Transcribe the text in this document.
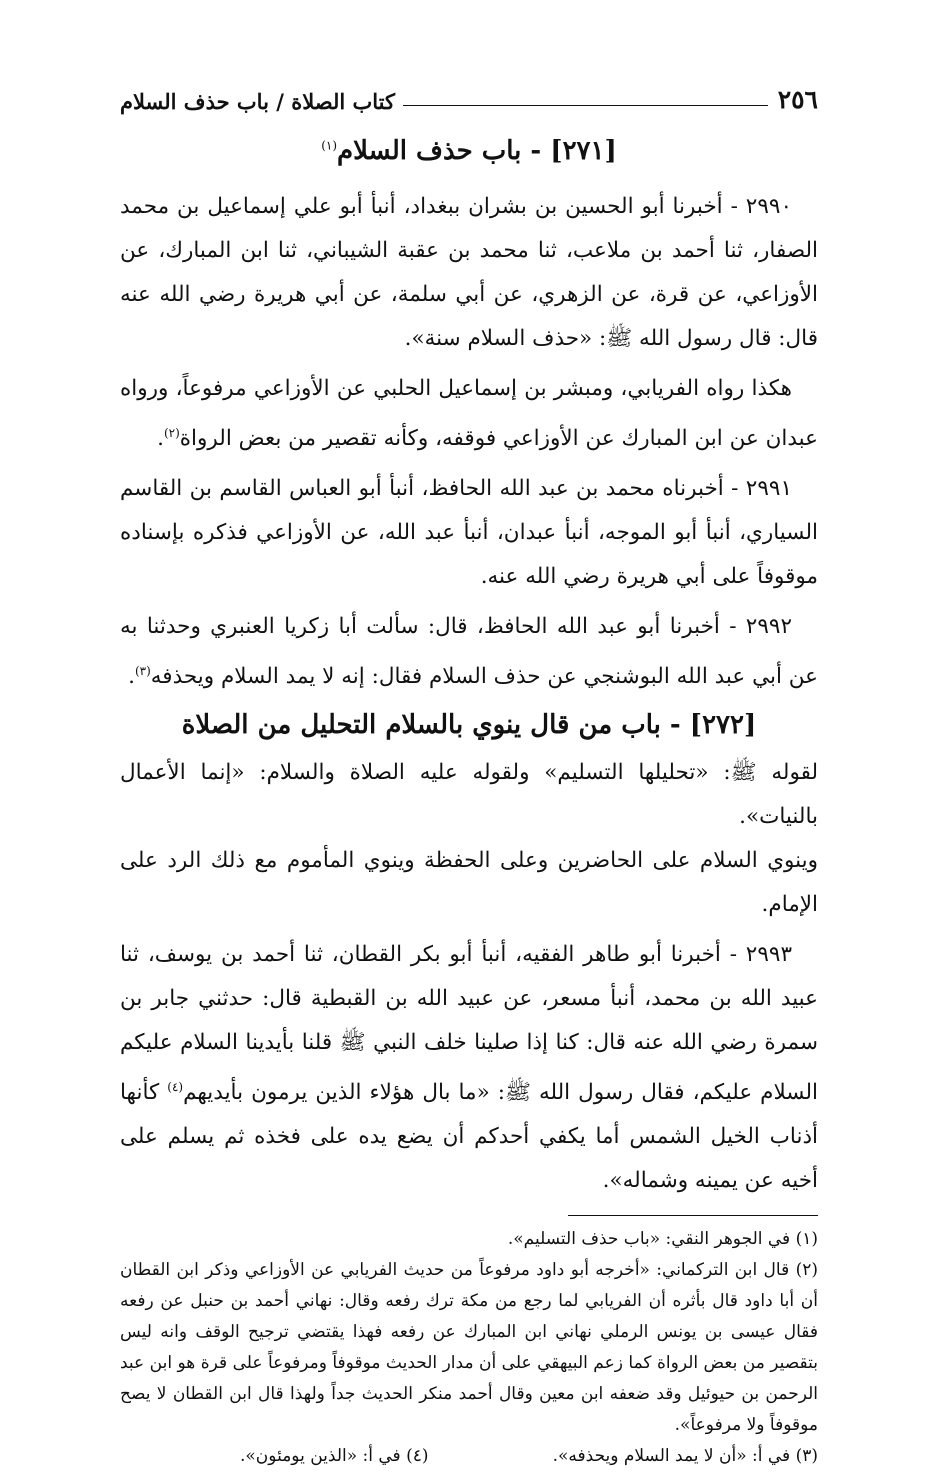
٢٥٦
كتاب الصلاة / باب حذف السلام
[٢٧١] - باب حذف السلام$^{(١)}$

٢٩٩٠ - أخبرنا أبو الحسين بن بشران ببغداد، أنبأ أبو علي إسماعيل بن محمد الصفار، ثنا أحمد بن ملاعب، ثنا محمد بن عقبة الشيباني، ثنا ابن المبارك، عن الأوزاعي، عن قرة، عن الزهري، عن أبي سلمة، عن أبي هريرة رضي الله عنه قال: قال رسول الله ﷺ: «حذف السلام سنة».

هكذا رواه الفريابي، ومبشر بن إسماعيل الحلبي عن الأوزاعي مرفوعاً، ورواه عبدان عن ابن المبارك عن الأوزاعي فوقفه، وكأنه تقصير من بعض الرواة$^{(٢)}$.

٢٩٩١ - أخبرناه محمد بن عبد الله الحافظ، أنبأ أبو العباس القاسم بن القاسم السياري، أنبأ أبو الموجه، أنبأ عبدان، أنبأ عبد الله، عن الأوزاعي فذكره بإسناده موقوفاً على أبي هريرة رضي الله عنه.

٢٩٩٢ - أخبرنا أبو عبد الله الحافظ، قال: سألت أبا زكريا العنبري وحدثنا به عن أبي عبد الله البوشنجي عن حذف السلام فقال: إنه لا يمد السلام ويحذفه$^{(٣)}$.

[٢٧٢] - باب من قال ينوي بالسلام التحليل من الصلاة

لقوله ﷺ: «تحليلها التسليم» ولقوله عليه الصلاة والسلام: «إنما الأعمال بالنيات».

وينوي السلام على الحاضرين وعلى الحفظة وينوي المأموم مع ذلك الرد على الإمام.

٢٩٩٣ - أخبرنا أبو طاهر الفقيه، أنبأ أبو بكر القطان، ثنا أحمد بن يوسف، ثنا عبيد الله بن محمد، أنبأ مسعر، عن عبيد الله بن القبطية قال: حدثني جابر بن سمرة رضي الله عنه قال: كنا إذا صلينا خلف النبي ﷺ قلنا بأيدينا السلام عليكم السلام عليكم، فقال رسول الله ﷺ: «ما بال هؤلاء الذين يرمون بأيديهم$^{(٤)}$ كأنها أذناب الخيل الشمس أما يكفي أحدكم أن يضع يده على فخذه ثم يسلم على أخيه عن يمينه وشماله».

(١) في الجوهر النقي: «باب حذف التسليم».
(٢) قال ابن التركماني: «أخرجه أبو داود مرفوعاً من حديث الفريابي عن الأوزاعي وذكر ابن القطان أن أبا داود قال بأثره أن الفريابي لما رجع من مكة ترك رفعه وقال: نهاني أحمد بن حنبل عن رفعه فقال عيسى بن يونس الرملي نهاني ابن المبارك عن رفعه فهذا يقتضي ترجيح الوقف وانه ليس بتقصير من بعض الرواة كما زعم البيهقي على أن مدار الحديث موقوفاً ومرفوعاً على قرة هو ابن عبد الرحمن بن حيوئيل وقد ضعفه ابن معين وقال أحمد منكر الحديث جداً ولهذا قال ابن القطان لا يصح موقوفاً ولا مرفوعاً».
(٣) في أ: «أن لا يمد السلام ويحذفه».
(٤) في أ: «الذين يومئون».
